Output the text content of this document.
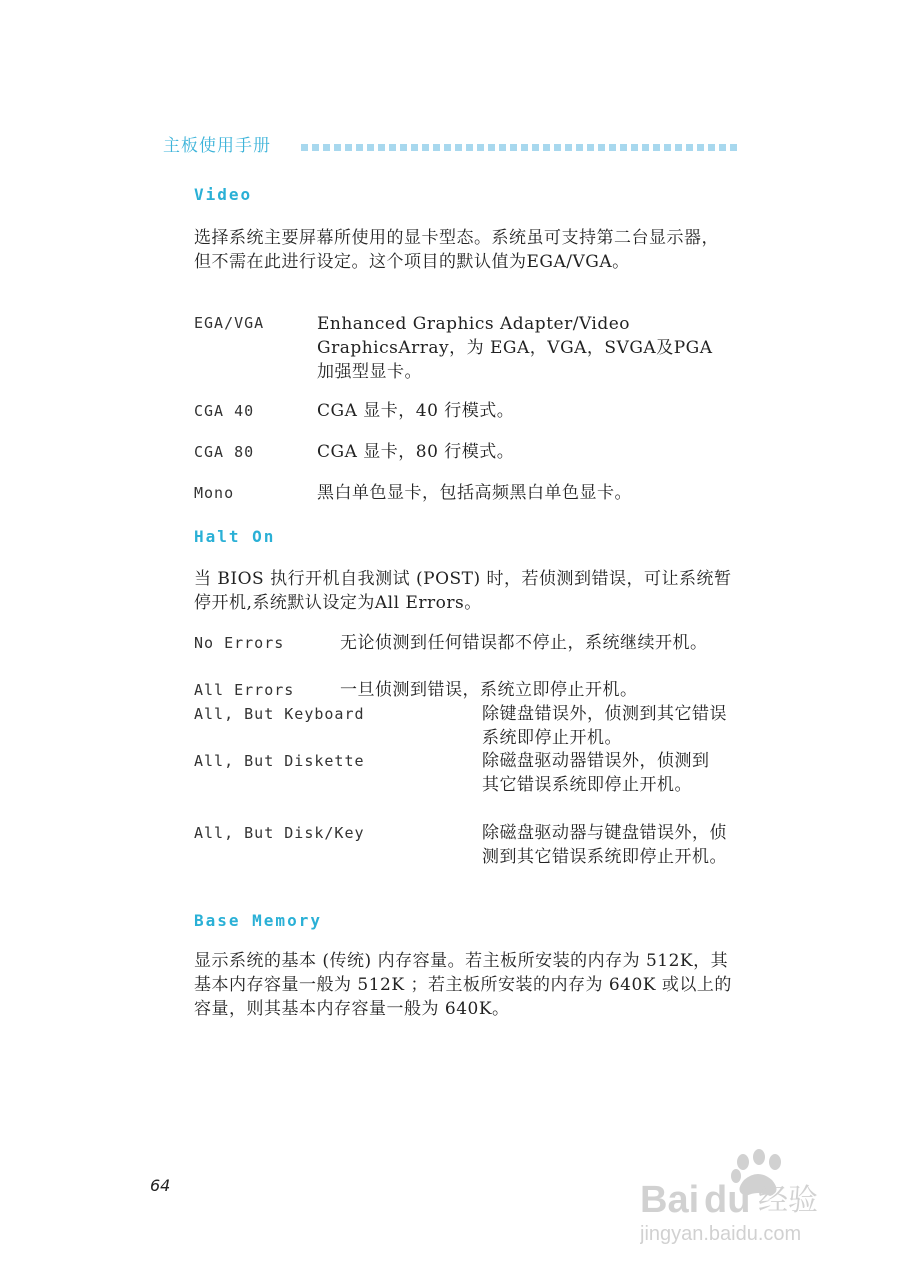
主板使用手册
Video
选择系统主要屏幕所使用的显卡型态。系统虽可支持第二台显示器，但不需在此进行设定。这个项目的默认值为EGA/VGA。
EGA/VGA	Enhanced Graphics Adapter/Video GraphicsArray，为 EGA，VGA，SVGA及PGA 加强型显卡。
CGA 40	CGA 显卡，40 行模式。
CGA 80	CGA 显卡，80 行模式。
Mono	黑白单色显卡，包括高频黑白单色显卡。
Halt On
当 BIOS 执行开机自我测试 (POST) 时，若侦测到错误，可让系统暂停开机,系统默认设定为All Errors。
No Errors	无论侦测到任何错误都不停止，系统继续开机。
All Errors	一旦侦测到错误，系统立即停止开机。
All, But Keyboard	除键盘错误外，侦测到其它错误系统即停止开机。
All, But Diskette	除磁盘驱动器错误外，侦测到其它错误系统即停止开机。
All, But Disk/Key	除磁盘驱动器与键盘错误外，侦测到其它错误系统即停止开机。
Base Memory
显示系统的基本 (传统) 内存容量。若主板所安装的内存为 512K，其基本内存容量一般为 512K ；若主板所安装的内存为 640K 或以上的容量，则其基本内存容量一般为 640K。
64	Bai du 经验
jingyan.baidu.com
